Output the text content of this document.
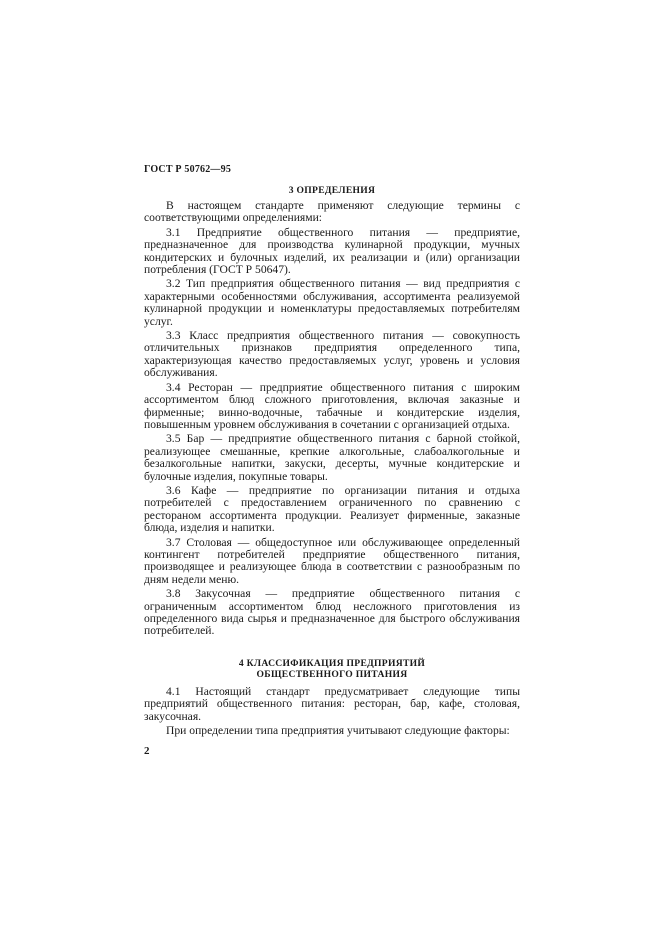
ГОСТ Р 50762—95
3 ОПРЕДЕЛЕНИЯ

В настоящем стандарте применяют следующие термины с соответствующими определениями:

3.1 Предприятие общественного питания — предприятие, предназначенное для производства кулинарной продукции, мучных кондитерских и булочных изделий, их реализации и (или) организации потребления (ГОСТ Р 50647).

3.2 Тип предприятия общественного питания — вид предприятия с характерными особенностями обслуживания, ассортимента реализуемой кулинарной продукции и номенклатуры предоставляемых потребителям услуг.

3.3 Класс предприятия общественного питания — совокупность отличительных признаков предприятия определенного типа, характеризующая качество предоставляемых услуг, уровень и условия обслуживания.

3.4 Ресторан — предприятие общественного питания с широким ассортиментом блюд сложного приготовления, включая заказные и фирменные; винно-водочные, табачные и кондитерские изделия, повышенным уровнем обслуживания в сочетании с организацией отдыха.

3.5 Бар — предприятие общественного питания с барной стойкой, реализующее смешанные, крепкие алкогольные, слабоалкогольные и безалкогольные напитки, закуски, десерты, мучные кондитерские и булочные изделия, покупные товары.

3.6 Кафе — предприятие по организации питания и отдыха потребителей с предоставлением ограниченного по сравнению с рестораном ассортимента продукции. Реализует фирменные, заказные блюда, изделия и напитки.

3.7 Столовая — общедоступное или обслуживающее определенный контингент потребителей предприятие общественного питания, производящее и реализующее блюда в соответствии с разнообразным по дням недели меню.

3.8 Закусочная — предприятие общественного питания с ограниченным ассортиментом блюд несложного приготовления из определенного вида сырья и предназначенное для быстрого обслуживания потребителей.

4 КЛАССИФИКАЦИЯ ПРЕДПРИЯТИЙ
ОБЩЕСТВЕННОГО ПИТАНИЯ

4.1 Настоящий стандарт предусматривает следующие типы предприятий общественного питания: ресторан, бар, кафе, столовая, закусочная.

При определении типа предприятия учитывают следующие факторы:

2
